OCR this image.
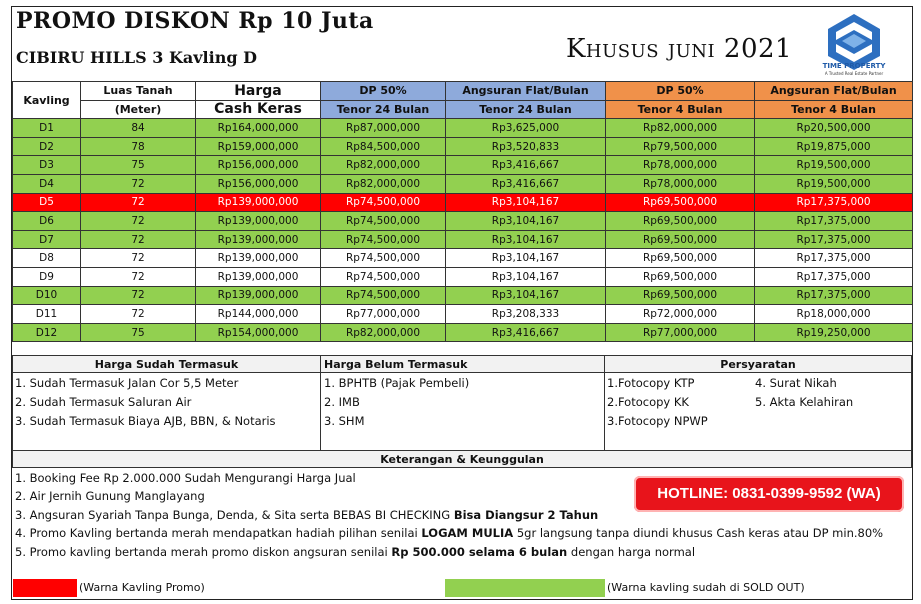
PROMO DISKON Rp 10 Juta
CIBIRU HILLS 3 Kavling D	Khusus juni 2021
TIME PROPERTY
A Trusted Real Estate Partner
Kavling	Luas Tanah	Harga	DP 50%	Angsuran Flat/Bulan	DP 50%	Angsuran Flat/Bulan
	(Meter)	Cash Keras	Tenor 24 Bulan	Tenor 24 Bulan	Tenor 4 Bulan	Tenor 4 Bulan
D1	84	Rp164,000,000	Rp87,000,000	Rp3,625,000	Rp82,000,000	Rp20,500,000
D2	78	Rp159,000,000	Rp84,500,000	Rp3,520,833	Rp79,500,000	Rp19,875,000
D3	75	Rp156,000,000	Rp82,000,000	Rp3,416,667	Rp78,000,000	Rp19,500,000
D4	72	Rp156,000,000	Rp82,000,000	Rp3,416,667	Rp78,000,000	Rp19,500,000
D5	72	Rp139,000,000	Rp74,500,000	Rp3,104,167	Rp69,500,000	Rp17,375,000
D6	72	Rp139,000,000	Rp74,500,000	Rp3,104,167	Rp69,500,000	Rp17,375,000
D7	72	Rp139,000,000	Rp74,500,000	Rp3,104,167	Rp69,500,000	Rp17,375,000
D8	72	Rp139,000,000	Rp74,500,000	Rp3,104,167	Rp69,500,000	Rp17,375,000
D9	72	Rp139,000,000	Rp74,500,000	Rp3,104,167	Rp69,500,000	Rp17,375,000
D10	72	Rp139,000,000	Rp74,500,000	Rp3,104,167	Rp69,500,000	Rp17,375,000
D11	72	Rp144,000,000	Rp77,000,000	Rp3,208,333	Rp72,000,000	Rp18,000,000
D12	75	Rp154,000,000	Rp82,000,000	Rp3,416,667	Rp77,000,000	Rp19,250,000
Harga Sudah Termasuk	Harga Belum Termasuk	Persyaratan
1. Sudah Termasuk Jalan Cor 5,5 Meter
2. Sudah Termasuk Saluran Air
3. Sudah Termasuk Biaya AJB, BBN, & Notaris
1. BPHTB (Pajak Pembeli)
2. IMB
3. SHM
1.Fotocopy KTP
2.Fotocopy KK
3.Fotocopy NPWP
4. Surat Nikah
5. Akta Kelahiran
Keterangan & Keunggulan
1. Booking Fee Rp 2.000.000 Sudah Mengurangi Harga Jual
2. Air Jernih Gunung Manglayang
3. Angsuran Syariah Tanpa Bunga, Denda, & Sita serta BEBAS BI CHECKING Bisa Diangsur 2 Tahun
4. Promo Kavling bertanda merah mendapatkan hadiah pilihan senilai LOGAM MULIA 5gr langsung tanpa diundi khusus Cash keras atau DP min.80%
5. Promo kavling bertanda merah promo diskon angsuran senilai Rp 500.000 selama 6 bulan dengan harga normal
HOTLINE: 0831-0399-9592 (WA)
(Warna Kavling Promo)	(Warna kavling sudah di SOLD OUT)
